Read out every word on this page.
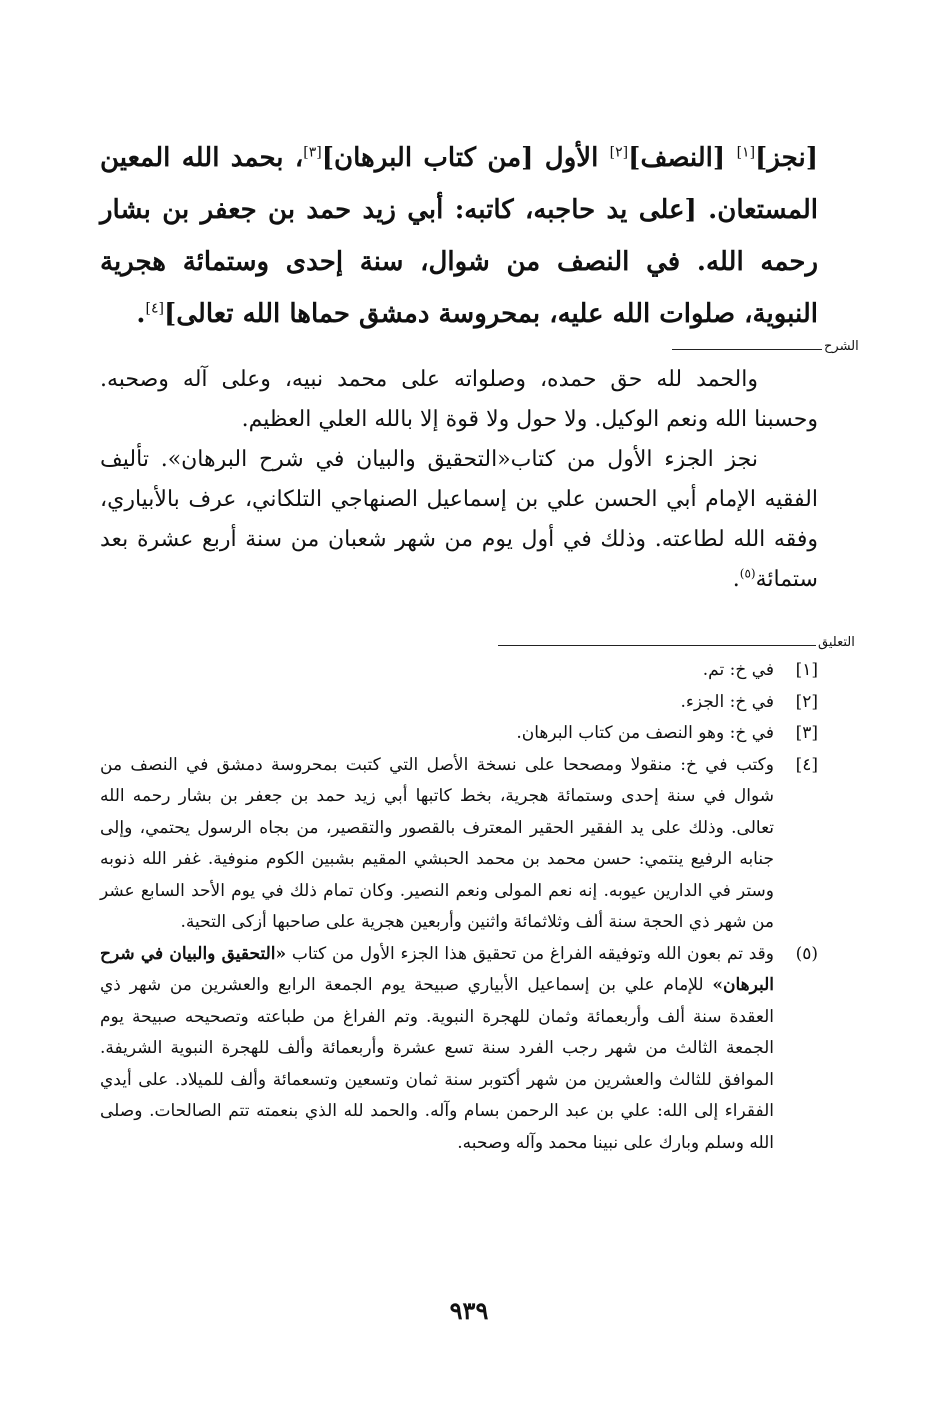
[نجز][١] [النصف][٢] الأول [من كتاب البرهان][٣]، بحمد الله المعين المستعان. [على يد حاجبه، كاتبه: أبي زيد حمد بن جعفر بن بشار رحمه الله. في النصف من شوال، سنة إحدى وستمائة هجرية النبوية، صلوات الله عليه، بمحروسة دمشق حماها الله تعالى][٤].
الشرح

والحمد لله حق حمده، وصلواته على محمد نبيه، وعلى آله وصحبه. وحسبنا الله ونعم الوكيل. ولا حول ولا قوة إلا بالله العلي العظيم.

نجز الجزء الأول من كتاب«التحقيق والبيان في شرح البرهان». تأليف الفقيه الإمام أبي الحسن علي بن إسماعيل الصنهاجي التلكاني، عرف بالأبياري، وفقه الله لطاعته. وذلك في أول يوم من شهر شعبان من سنة أربع عشرة بعد ستمائة$^{(٥)}$.

التعليق
[١]
في خ: تم.
[٢]
في خ: الجزء.
[٣]
في خ: وهو النصف من كتاب البرهان.
[٤]
وكتب في خ: منقولا ومصححا على نسخة الأصل التي كتبت بمحروسة دمشق في النصف من شوال في سنة إحدى وستمائة هجرية، بخط كاتبها أبي زيد حمد بن جعفر بن بشار رحمه الله تعالى. وذلك على يد الفقير الحقير المعترف بالقصور والتقصير، من بجاه الرسول يحتمي، وإلى جنابه الرفيع ينتمي: حسن محمد بن محمد الحبشي المقيم بشبين الكوم منوفية. غفر الله ذنوبه وستر في الدارين عيوبه. إنه نعم المولى ونعم النصير. وكان تمام ذلك في يوم الأحد السابع عشر من شهر ذي الحجة سنة ألف وثلاثمائة واثنين وأربعين هجرية على صاحبها أزكى التحية.
(٥)
وقد تم بعون الله وتوفيقه الفراغ من تحقيق هذا الجزء الأول من كتاب «التحقيق والبيان في شرح البرهان» للإمام علي بن إسماعيل الأبياري صبيحة يوم الجمعة الرابع والعشرين من شهر ذي العقدة سنة ألف وأربعمائة وثمان للهجرة النبوية. وتم الفراغ من طباعته وتصحيحه صبيحة يوم الجمعة الثالث من شهر رجب الفرد سنة تسع عشرة وأربعمائة وألف للهجرة النبوية الشريفة. الموافق للثالث والعشرين من شهر أكتوبر سنة ثمان وتسعين وتسعمائة وألف للميلاد. على أيدي الفقراء إلى الله: علي بن عبد الرحمن بسام وآله. والحمد لله الذي بنعمته تتم الصالحات. وصلى الله وسلم وبارك على نبينا محمد وآله وصحبه.
٩٣٩
